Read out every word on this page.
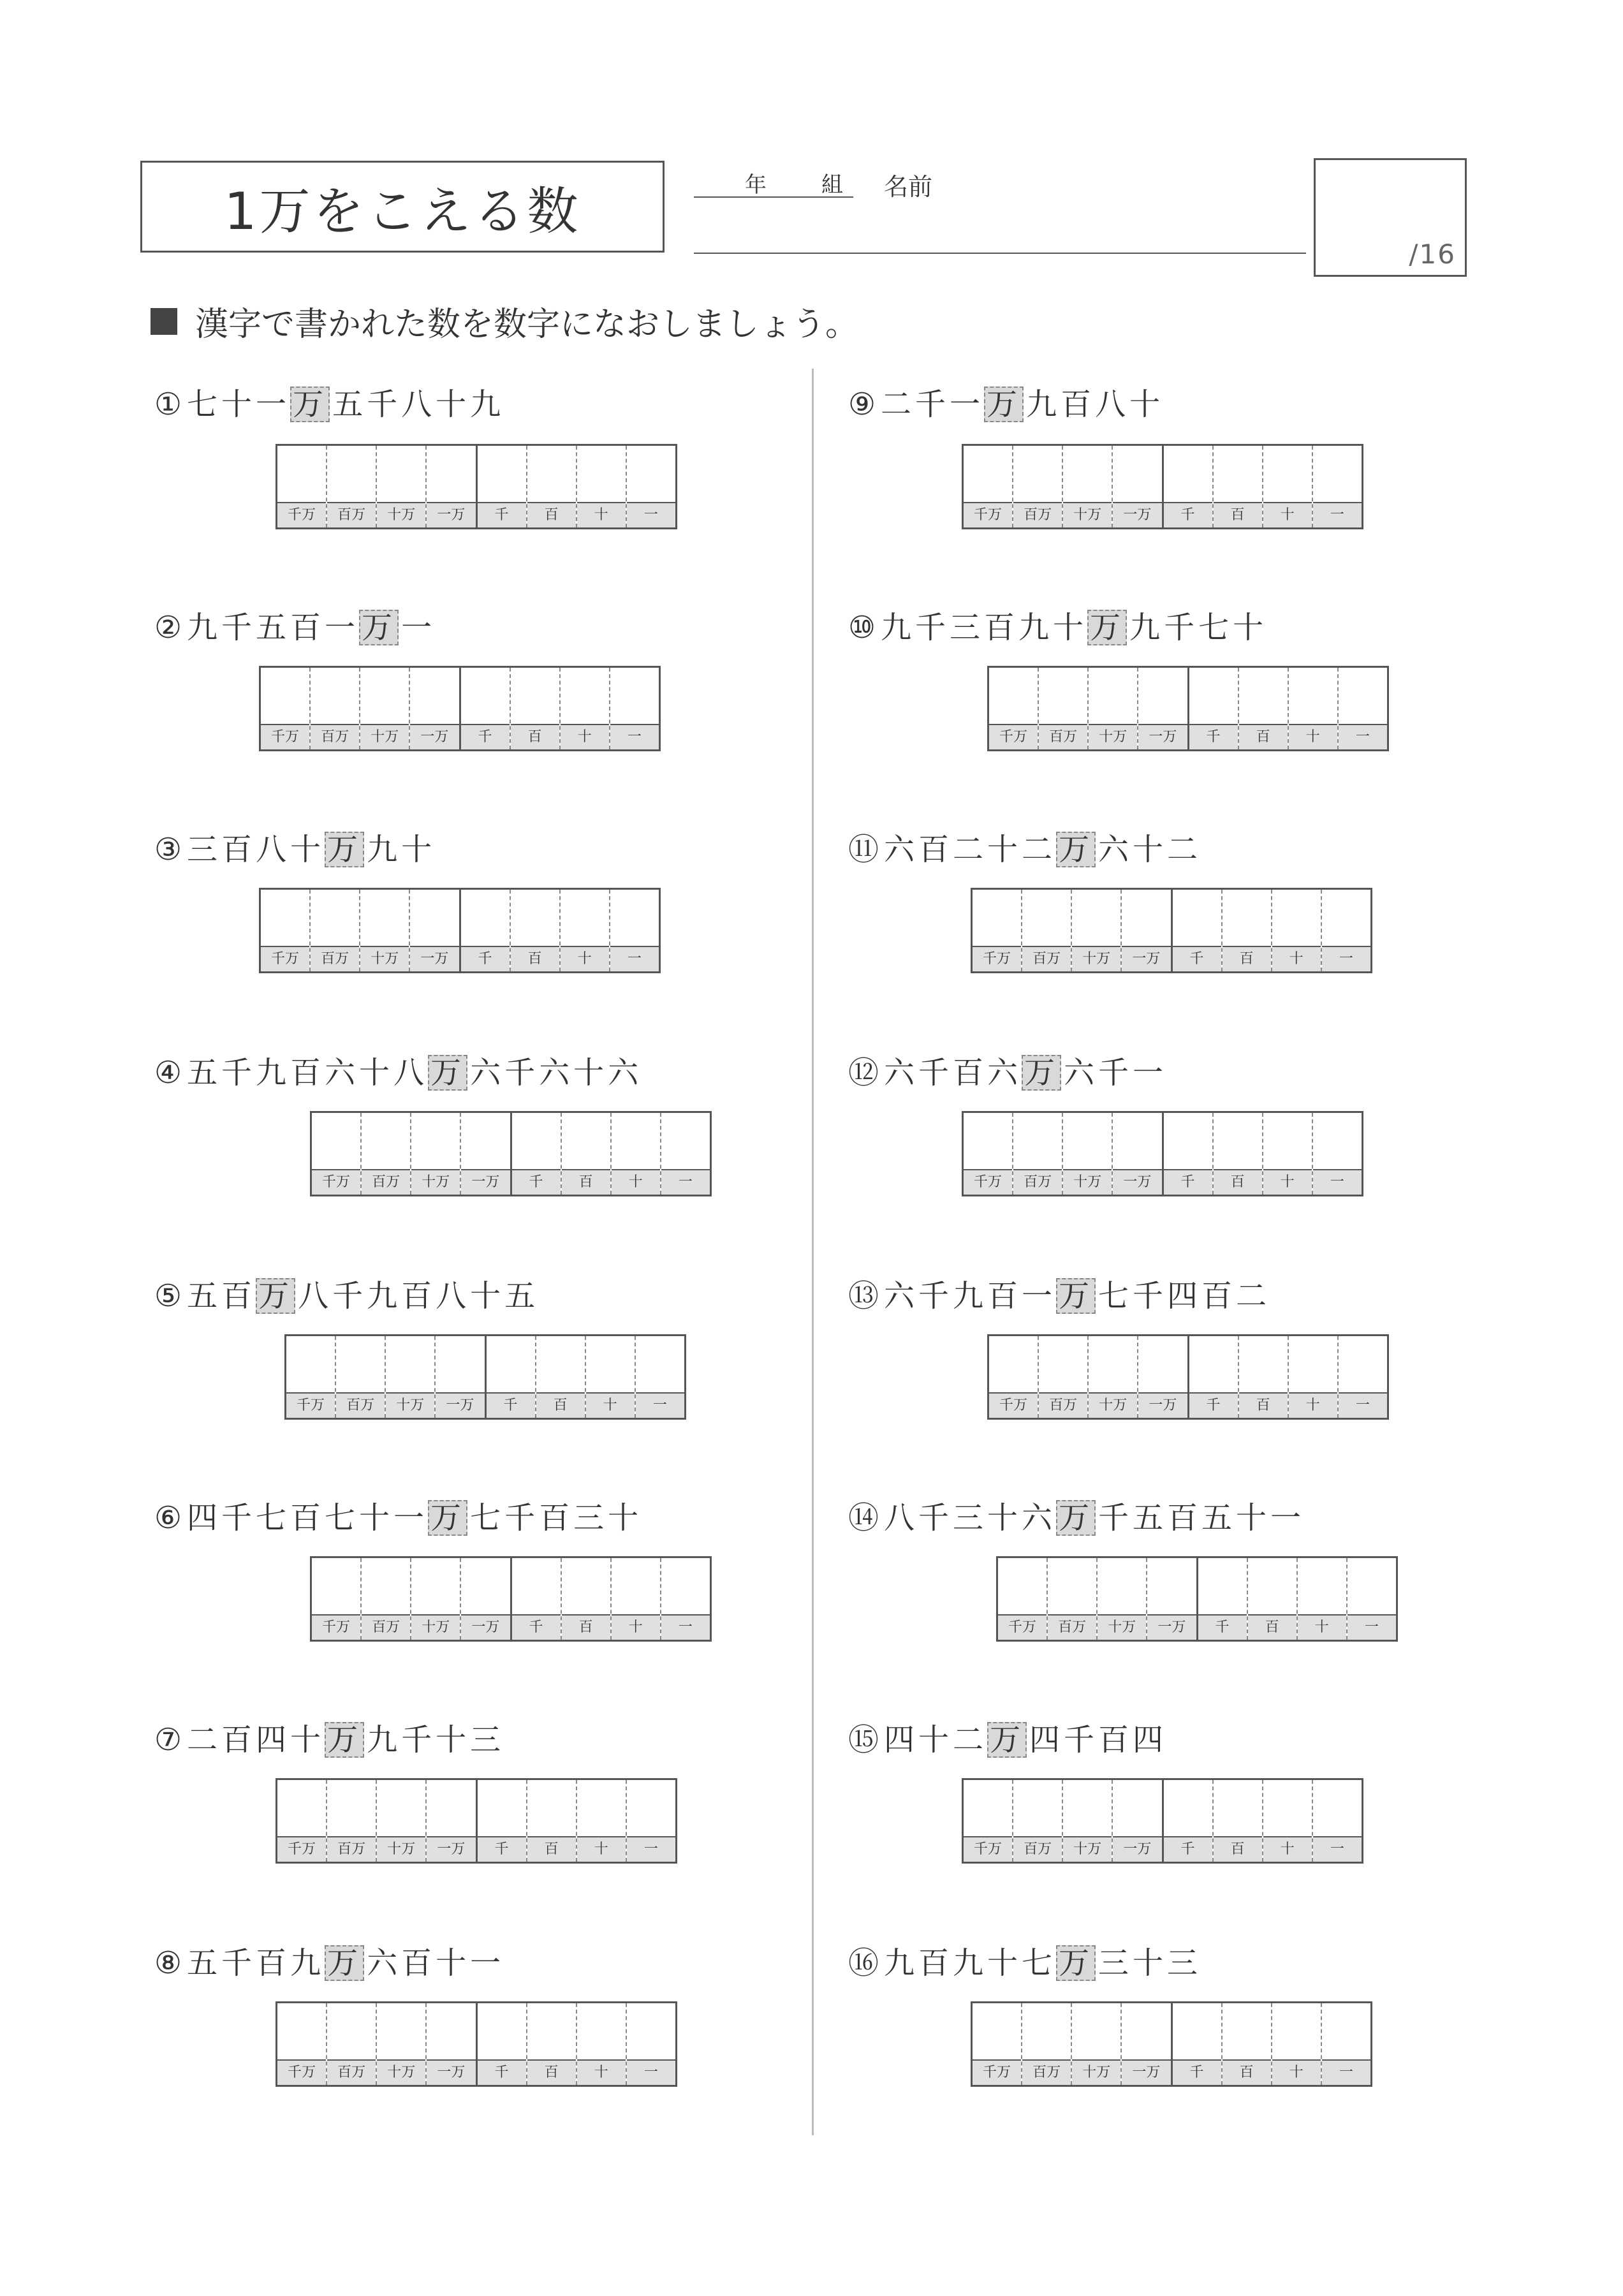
1万をこえる数	年	組 名前
/16
漢字で書かれた数を数字になおしましょう。
①七十一万 五千八十九
千万	百万	十万	一万	千	百	十	一
②九千五百一万 一
千万	百万	十万	一万	千	百	十	一
③三百八十万 九十
千万	百万	十万	一万	千	百	十	一
④五千九百六十八万 六千六十六
千万	百万	十万	一万	千	百	十	一
⑤五百万 八千九百八十五
千万	百万	十万	一万	千	百	十	一
⑥四千七百七十一万 七千百三十
千万	百万	十万	一万	千	百	十	一
⑦二百四十万 九千十三
千万	百万	十万	一万	千	百	十	一
⑧五千百九万 六百十一
千万	百万	十万	一万	千	百	十	一
⑨二千一万 九百八十
千万	百万	十万	一万	千	百	十	一
⑩九千三百九十万 九千七十
千万	百万	十万	一万	千	百	十	一
⑪六百二十二万 六十二
千万	百万	十万	一万	千	百	十	一
⑫六千百六万 六千一
千万	百万	十万	一万	千	百	十	一
⑬六千九百一万 七千四百二
千万	百万	十万	一万	千	百	十	一
⑭八千三十六万 千五百五十一
千万	百万	十万	一万	千	百	十	一
⑮四十二万 四千百四
千万	百万	十万	一万	千	百	十	一
⑯九百九十七万 三十三
千万	百万	十万	一万	千	百	十	一
